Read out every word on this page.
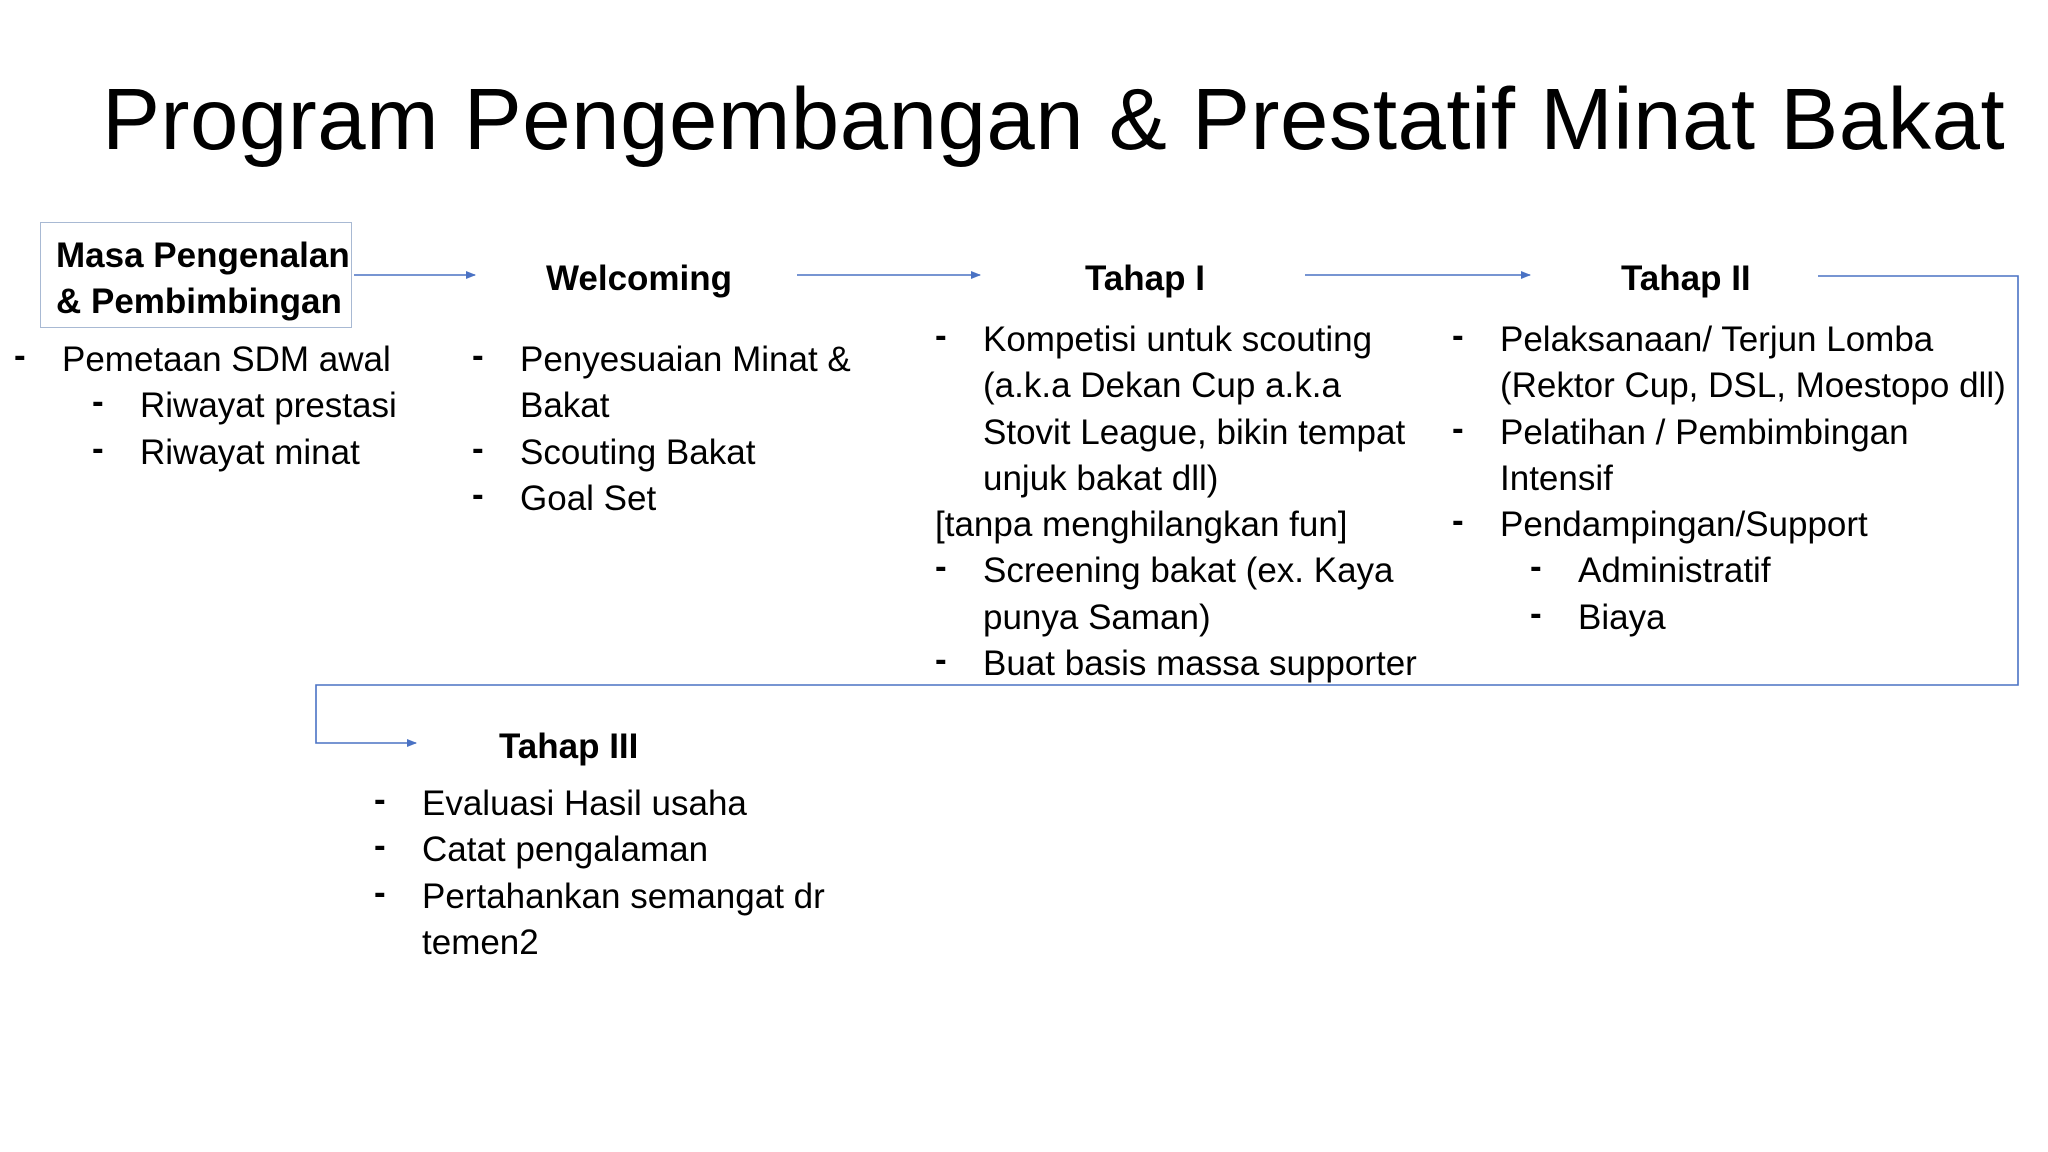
Program Pengembangan & Prestatif Minat Bakat
Masa Pengenalan
& Pembimbingan
- Pemetaan SDM awal
- Riwayat prestasi
- Riwayat minat
Welcoming
- Penyesuaian Minat & Bakat
- Scouting Bakat
- Goal Set
Tahap I
- Kompetisi untuk scouting (a.k.a Dekan Cup a.k.a Stovit League, bikin tempat unjuk bakat dll)
[tanpa menghilangkan fun]
- Screening bakat (ex. Kaya punya Saman)
- Buat basis massa supporter
Tahap II
- Pelaksanaan/ Terjun Lomba (Rektor Cup, DSL, Moestopo dll)
- Pelatihan / Pembimbingan Intensif
- Pendampingan/Support
- Administratif
- Biaya
Tahap III
- Evaluasi Hasil usaha
- Catat pengalaman
- Pertahankan semangat dr temen2
